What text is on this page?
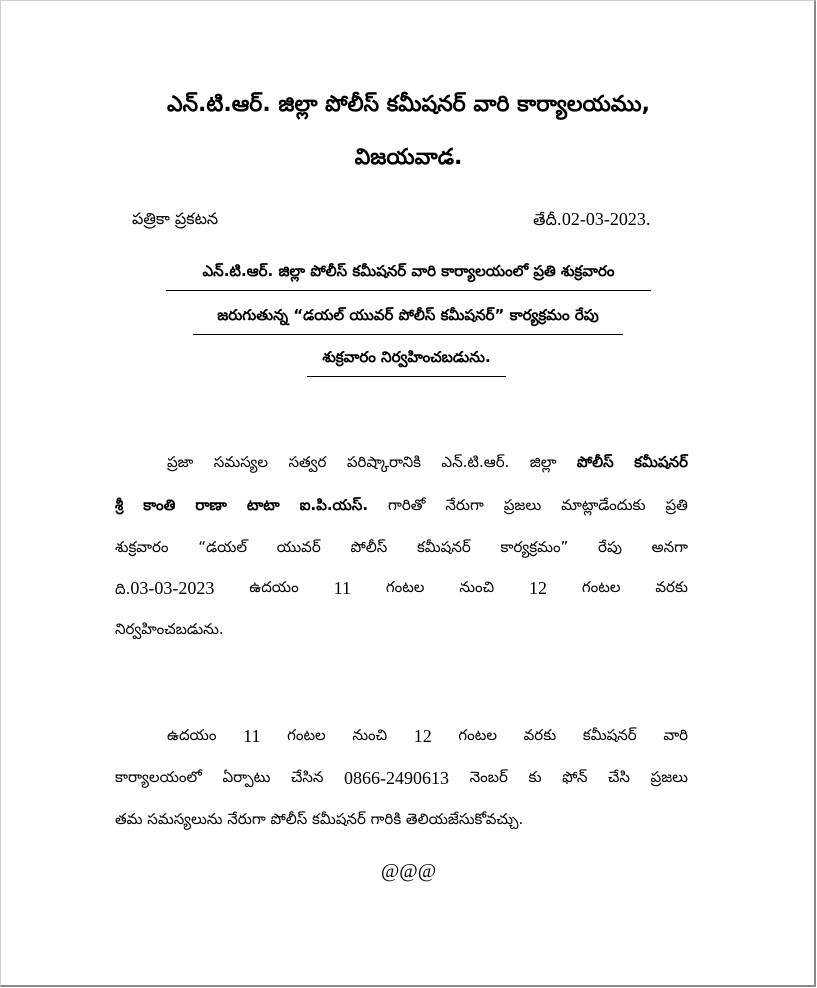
ఎన్.టి.ఆర్. జిల్లా పోలీస్ కమీషనర్ వారి కార్యాలయము,
విజయవాడ.
పత్రికా ప్రకటన	తేదీ.02-03-2023.
ఎన్.టి.ఆర్. జిల్లా పోలీస్ కమీషనర్ వారి కార్యాలయంలో ప్రతి శుక్రవారం
జరుగుతున్న “డయల్ యువర్ పోలీస్ కమీషనర్” కార్యక్రమం రేపు
శుక్రవారం నిర్వహించబడును.
ప్రజా సమస్యల సత్వర పరిష్కారానికి ఎన్.టి.ఆర్. జిల్లా పోలీస్ కమీషనర్
శ్రీ కాంతి రాణా టాటా ఐ.పి.యస్. గారితో నేరుగా ప్రజలు మాట్లాడేందుకు ప్రతి
శుక్రవారం “డయల్ యువర్ పోలీస్ కమీషనర్ కార్యక్రమం” రేపు అనగా
ది.03-03-2023 ఉదయం 11 గంటల నుంచి 12 గంటల వరకు
నిర్వహించబడును.
ఉదయం 11 గంటల నుంచి 12 గంటల వరకు కమీషనర్ వారి
కార్యాలయంలో ఏర్పాటు చేసిన 0866-2490613 నెంబర్ కు ఫోన్ చేసి ప్రజలు
తమ సమస్యలును నేరుగా పోలీస్ కమీషనర్ గారికి తెలియజేసుకోవచ్చు.
@@@
